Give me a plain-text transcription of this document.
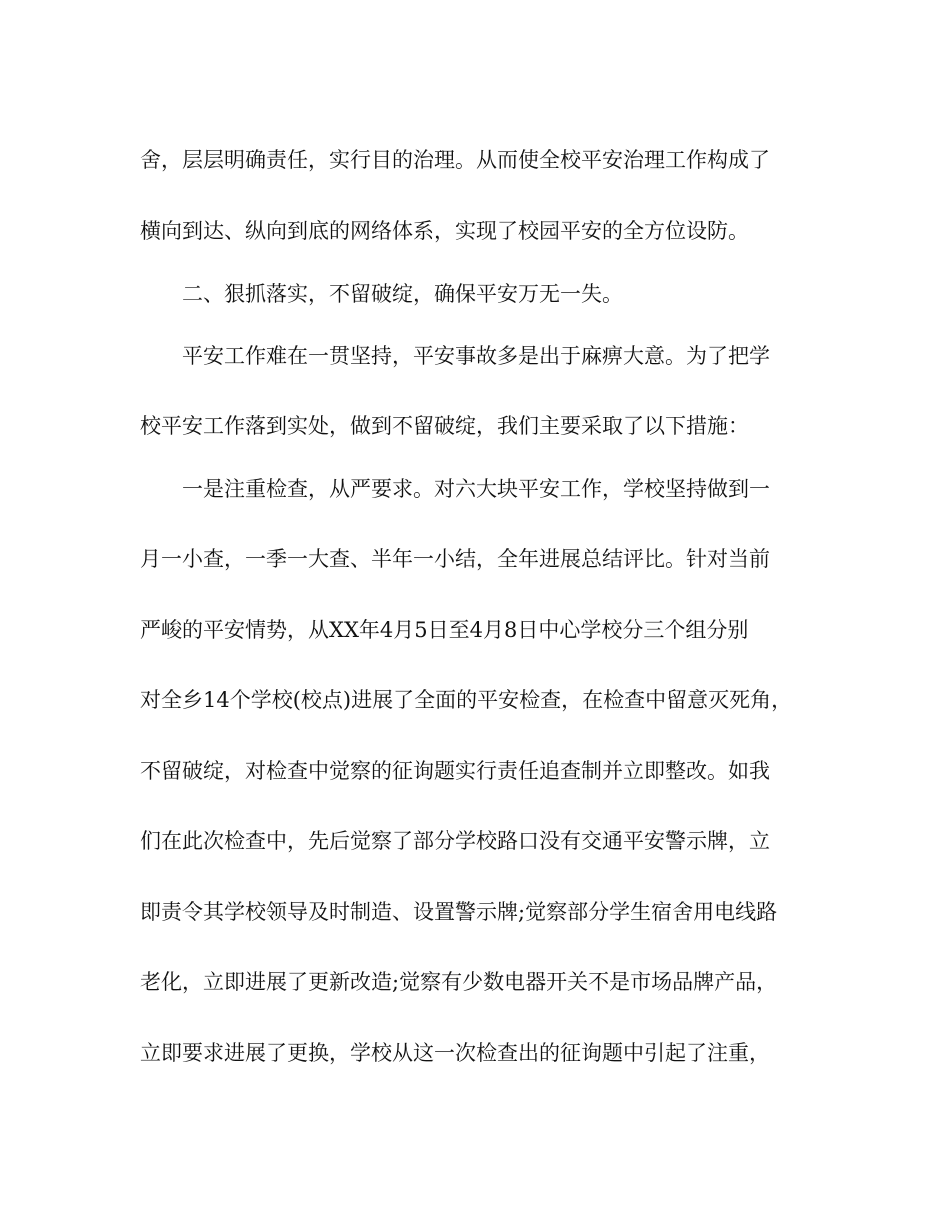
舍，层层明确责任，实行目的治理。从而使全校平安治理工作构成了
横向到达、纵向到底的网络体系，实现了校园平安的全方位设防。
二、狠抓落实，不留破绽，确保平安万无一失。
平安工作难在一贯坚持，平安事故多是出于麻痹大意。为了把学
校平安工作落到实处，做到不留破绽，我们主要采取了以下措施：
一是注重检查，从严要求。对六大块平安工作，学校坚持做到一
月一小查，一季一大查、半年一小结，全年进展总结评比。针对当前
严峻的平安情势，从XX年4月5日至4月8日中心学校分三个组分别
对全乡14个学校(校点)进展了全面的平安检查，在检查中留意灭死角，
不留破绽，对检查中觉察的征询题实行责任追查制并立即整改。如我
们在此次检查中，先后觉察了部分学校路口没有交通平安警示牌，立
即责令其学校领导及时制造、设置警示牌;觉察部分学生宿舍用电线路
老化，立即进展了更新改造;觉察有少数电器开关不是市场品牌产品，
立即要求进展了更换，学校从这一次检查出的征询题中引起了注重，
